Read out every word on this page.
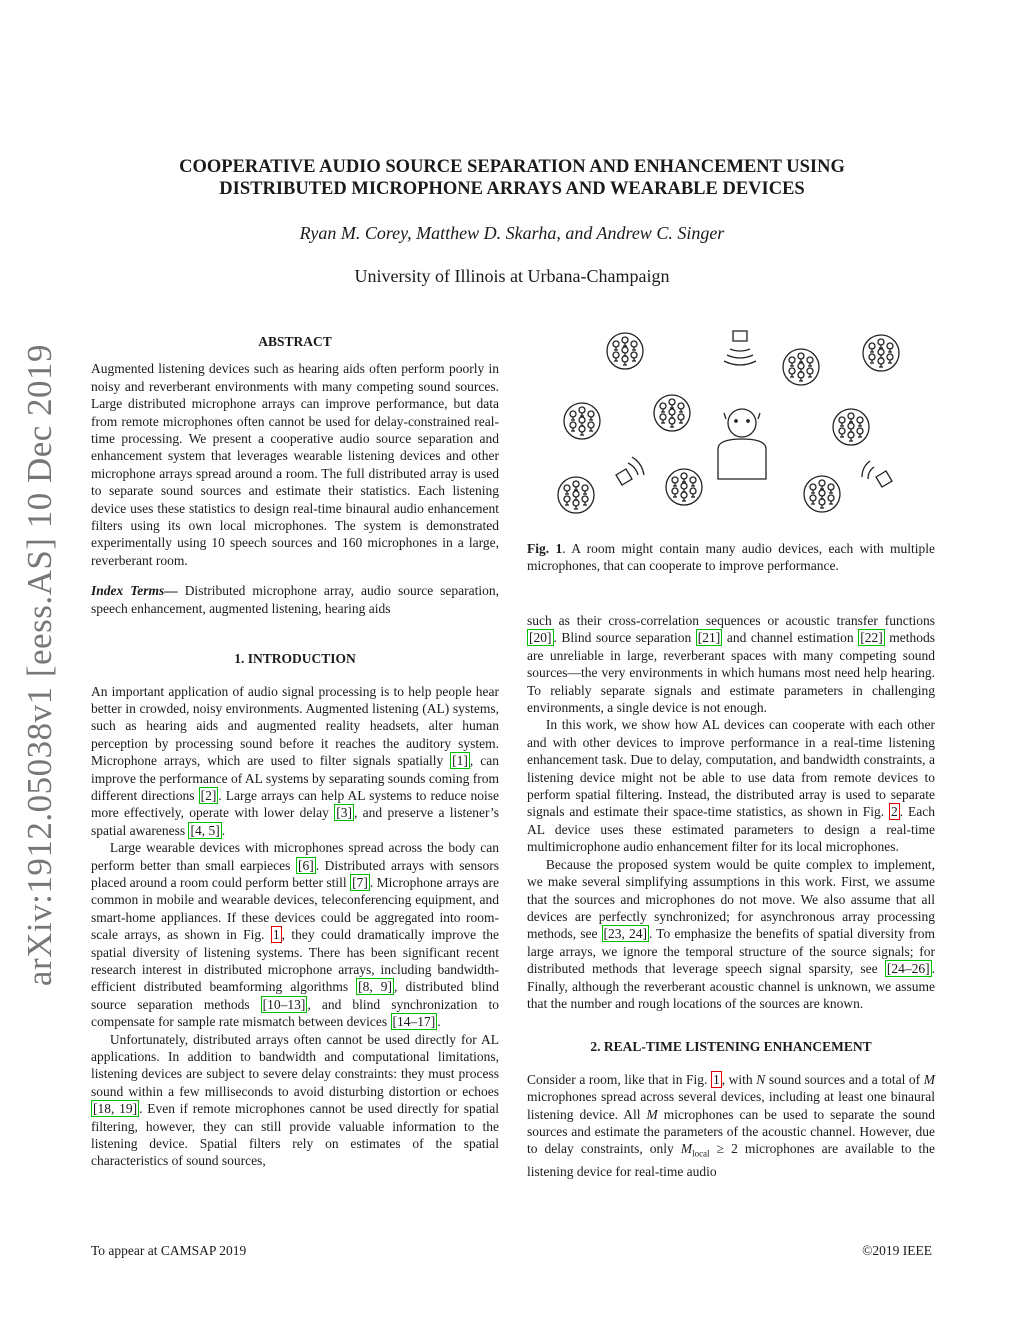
arXiv:1912.05038v1 [eess.AS] 10 Dec 2019
COOPERATIVE AUDIO SOURCE SEPARATION AND ENHANCEMENT USING
DISTRIBUTED MICROPHONE ARRAYS AND WEARABLE DEVICES
Ryan M. Corey, Matthew D. Skarha, and Andrew C. Singer
University of Illinois at Urbana-Champaign
ABSTRACT

Augmented listening devices such as hearing aids often perform poorly in noisy and reverberant environments with many competing sound sources. Large distributed microphone arrays can improve performance, but data from remote microphones often cannot be used for delay-constrained real-time processing. We present a cooperative audio source separation and enhancement system that leverages wearable listening devices and other microphone arrays spread around a room. The full distributed array is used to separate sound sources and estimate their statistics. Each listening device uses these statistics to design real-time binaural audio enhancement filters using its own local microphones. The system is demonstrated experimentally using 10 speech sources and 160 microphones in a large, reverberant room.

Index Terms— Distributed microphone array, audio source separation, speech enhancement, augmented listening, hearing aids

1. INTRODUCTION

An important application of audio signal processing is to help people hear better in crowded, noisy environments. Augmented listening (AL) systems, such as hearing aids and augmented reality headsets, alter human perception by processing sound before it reaches the auditory system. Microphone arrays, which are used to filter signals spatially [1] , can improve the performance of AL systems by separating sounds coming from different directions [2] . Large arrays can help AL systems to reduce noise more effectively, operate with lower delay [3] , and preserve a listener’s spatial awareness [4, 5] .

Large wearable devices with microphones spread across the body can perform better than small earpieces [6] . Distributed arrays with sensors placed around a room could perform better still [7] . Microphone arrays are common in mobile and wearable devices, teleconferencing equipment, and smart-home appliances. If these devices could be aggregated into room-scale arrays, as shown in Fig. 1 , they could dramatically improve the spatial diversity of listening systems. There has been significant recent research interest in distributed microphone arrays, including bandwidth-efficient distributed beamforming algorithms [8, 9] , distributed blind source separation methods [10–13] , and blind synchronization to compensate for sample rate mismatch between devices [14–17] .

Unfortunately, distributed arrays often cannot be used directly for AL applications. In addition to bandwidth and computational limitations, listening devices are subject to severe delay constraints: they must process sound within a few milliseconds to avoid disturbing distortion or echoes [18, 19] . Even if remote microphones cannot be used directly for spatial filtering, however, they can still provide valuable information to the listening device. Spatial filters rely on estimates of the spatial characteristics of sound sources,

Fig. 1. A room might contain many audio devices, each with multiple microphones, that can cooperate to improve performance.

such as their cross-correlation sequences or acoustic transfer functions [20] . Blind source separation [21] and channel estimation [22] methods are unreliable in large, reverberant spaces with many competing sound sources—the very environments in which humans most need help hearing. To reliably separate signals and estimate parameters in challenging environments, a single device is not enough.

In this work, we show how AL devices can cooperate with each other and with other devices to improve performance in a real-time listening enhancement task. Due to delay, computation, and bandwidth constraints, a listening device might not be able to use data from remote devices to perform spatial filtering. Instead, the distributed array is used to separate signals and estimate their space-time statistics, as shown in Fig. 2 . Each AL device uses these estimated parameters to design a real-time multimicrophone audio enhancement filter for its local microphones.

Because the proposed system would be quite complex to implement, we make several simplifying assumptions in this work. First, we assume that the sources and microphones do not move. We also assume that all devices are perfectly synchronized; for asynchronous array processing methods, see [23, 24] . To emphasize the benefits of spatial diversity from large arrays, we ignore the temporal structure of the source signals; for distributed methods that leverage speech signal sparsity, see [24–26] . Finally, although the reverberant acoustic channel is unknown, we assume that the number and rough locations of the sources are known.

2. REAL-TIME LISTENING ENHANCEMENT

Consider a room, like that in Fig. 1 , with N sound sources and a total of M microphones spread across several devices, including at least one binaural listening device. All M microphones can be used to separate the sound sources and estimate the parameters of the acoustic channel. However, due to delay constraints, only $M_{local} \ge 2$ microphones are available to the listening device for real-time audio

To appear at CAMSAP 2019	©2019 IEEE
